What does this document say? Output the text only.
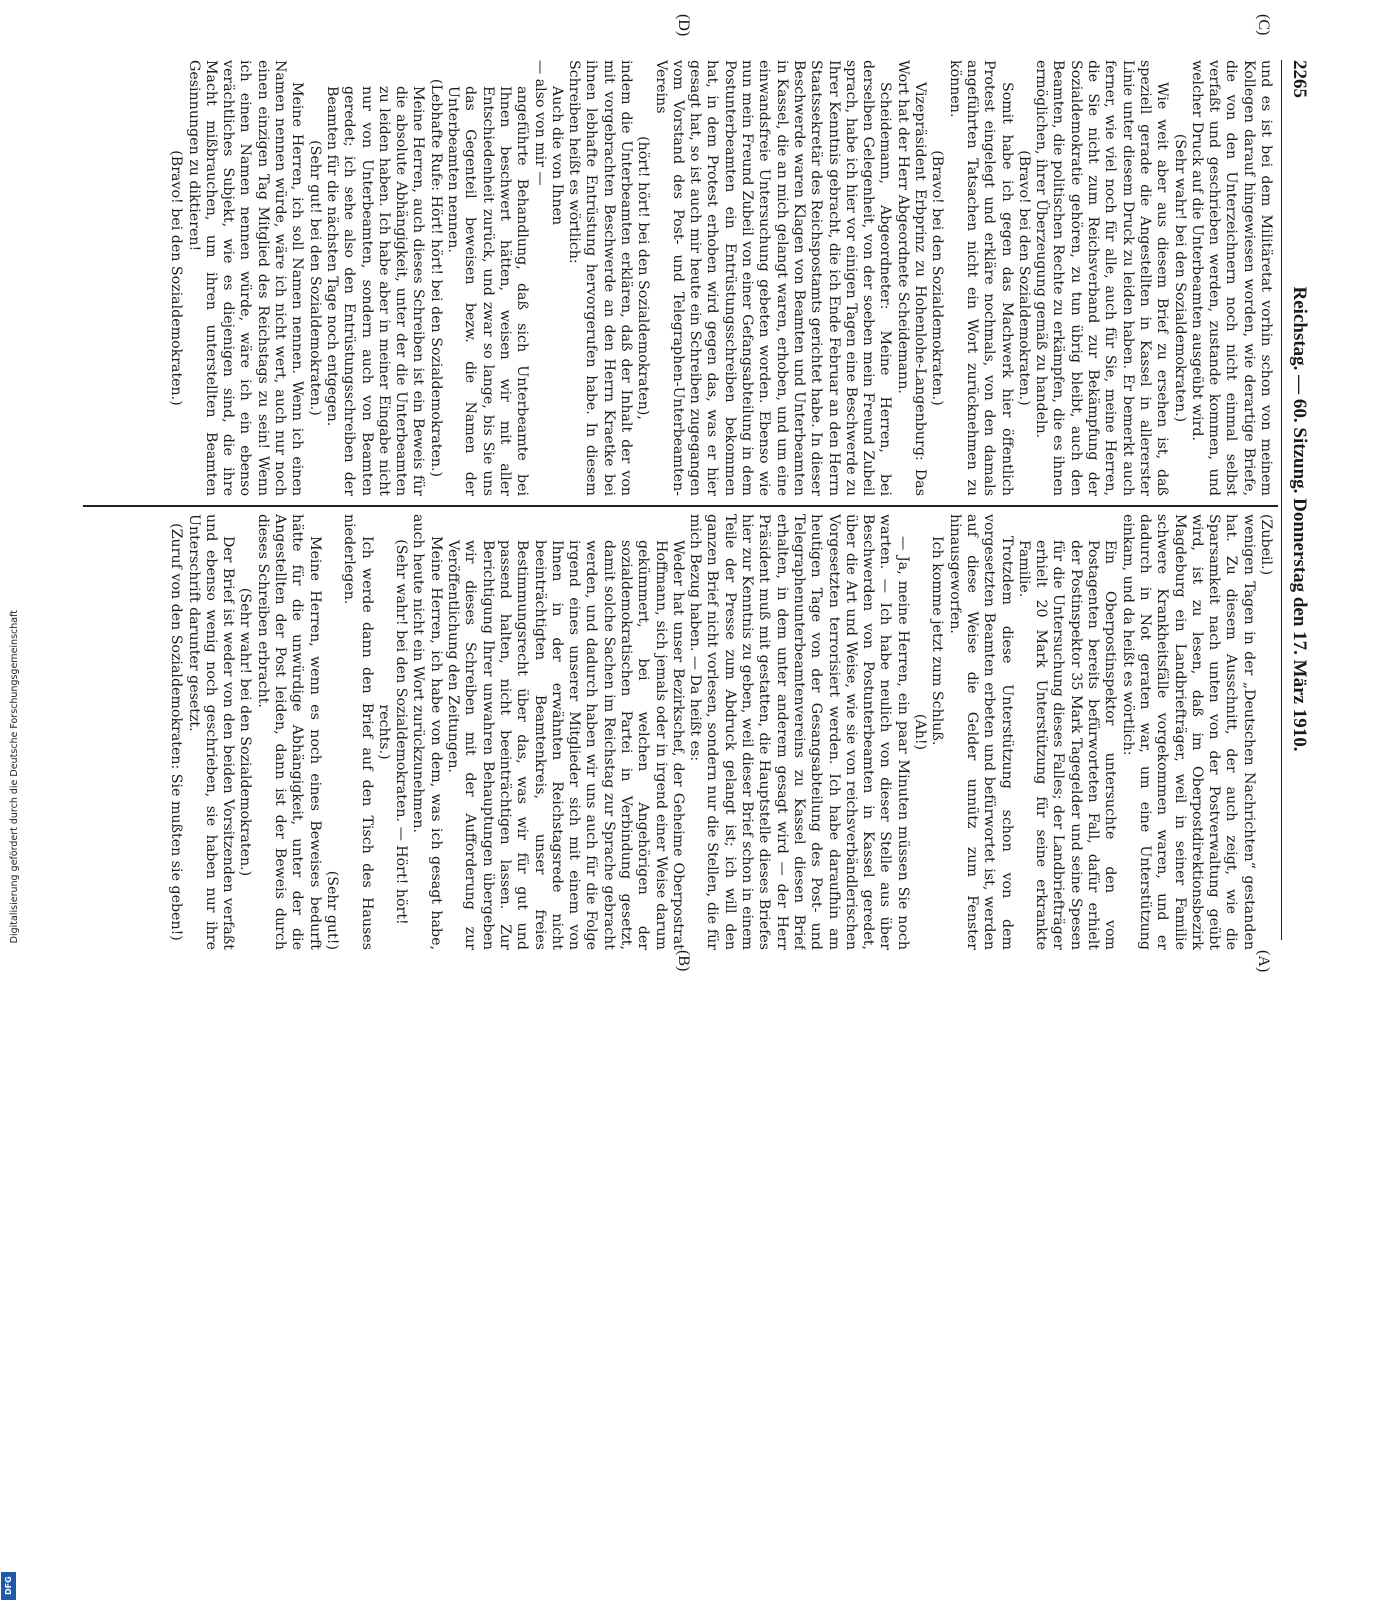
2265
Reichstag. — 60. Sitzung. Donnerstag den 17. März 1910.

und es ist bei dem Militäretat vorhin schon von meinem Kollegen darauf hingewiesen worden, wie derartige Briefe, die von den Unterzeichnern noch nicht einmal selbst verfaßt und geschrieben werden, zustande kommen, und welcher Druck auf die Unterbeamten ausgeübt wird.

(Sehr wahr! bei den Sozialdemokraten.)

Wie weit aber aus diesem Brief zu ersehen ist, daß speziell gerade die Angestellten in Kassel in allererster Linie unter diesem Druck zu leiden haben. Er bemerkt auch ferner, wie viel noch für alle, auch für Sie, meine Herren, die Sie nicht zum Reichsverband zur Bekämpfung der Sozialdemokratie gehören, zu tun übrig bleibt, auch den Beamten, die politischen Rechte zu erkämpfen, die es ihnen ermöglichen, ihrer Überzeugung gemäß zu handeln.

(Bravo! bei den Sozialdemokraten.)

Somit habe ich gegen das Machwerk hier öffentlich Protest eingelegt und erkläre nochmals, von den damals angeführten Tatsachen nicht ein Wort zurücknehmen zu können.

(Bravo! bei den Sozialdemokraten.)

Vizepräsident Erbprinz zu Hohenlohe-Langenburg: Das Wort hat der Herr Abgeordnete Scheidemann.

Scheidemann, Abgeordneter: Meine Herren, bei derselben Gelegenheit, von der soeben mein Freund Zubeil sprach, habe ich hier vor einigen Tagen eine Beschwerde zu Ihrer Kenntnis gebracht, die ich Ende Februar an den Herrn Staatssekretär des Reichspostamts gerichtet habe. In dieser Beschwerde waren Klagen von Beamten und Unterbeamten in Kassel, die an mich gelangt waren, erhoben, und um eine einwandsfreie Untersuchung gebeten worden. Ebenso wie nun mein Freund Zubeil von einer Gefangsabteilung in dem Postunterbeamten ein Entrüstungsschreiben bekommen hat, in dem Protest erhoben wird gegen das, was er hier gesagt hat, so ist auch mir heute ein Schreiben zugegangen vom Vorstand des Post- und Telegraphen-Unterbeamten-Vereins

(hört! hört! bei den Sozialdemokraten),

indem die Unterbeamten erklären, daß der Inhalt der von mit vorgebrachten Beschwerde an den Herrn Kraetke bei ihnen lebhafte Entrüstung hervorgerufen habe. In diesem Schreiben heißt es wörtlich:

Auch die von Ihnen

— also von mir —

angeführte Behandlung, daß sich Unterbeamte bei Ihnen beschwert hätten, weisen wir mit aller Entschiedenheit zurück, und zwar so lange, bis Sie uns das Gegenteil beweisen bezw. die Namen der Unterbeamten nennen.

(Lebhafte Rufe: Hört! hört! bei den Sozialdemokraten.)

Meine Herren, auch dieses Schreiben ist ein Beweis für die absolute Abhängigkeit, unter der die Unterbeamten zu leiden haben. Ich habe aber in meiner Eingabe nicht nur von Unterbeamten, sondern auch von Beamten geredet; ich sehe also den Entrüstungsschreiben der Beamten für die nächsten Tage noch entgegen.

(Sehr gut! bei den Sozialdemokraten.)

Meine Herren, ich soll Namen nennen. Wenn ich einen Namen nennen würde, wäre ich nicht wert, auch nur noch einen einzigen Tag Mitglied des Reichstags zu sein! Wenn ich einen Namen nennen würde, wäre ich ein ebenso verächtliches Subjekt, wie es diejenigen sind, die ihre Macht mißbrauchen, um ihren unterstellten Beamten Gesinnungen zu diktieren!

(Bravo! bei den Sozialdemokraten.)

(Zubeil.)

wenigen Tagen in der „Deutschen Nachrichten“ gestanden hat. Zu diesem Ausschnitt, der auch zeigt, wie die Sparsamkeit nach unten von der Postverwaltung geübt wird, ist zu lesen, daß im Oberpostdirektionsbezirk Magdeburg ein Landbriefträger, weil in seiner Familie schwere Krankheitsfälle vorgekommen waren, und er dadurch in Not geraten war, um eine Unterstützung einkam, und da heißt es wörtlich:

Ein Oberpostinspektor untersuchte den vom Postagenten bereits befürworteten Fall, dafür erhielt der Postinspektor 35 Mark Tagegelder und seine Spesen für die Untersuchung dieses Falles; der Landbriefträger erhielt 20 Mark Unterstützung für seine erkrankte Familie.

Trotzdem diese Unterstützung schon von dem vorgesetzten Beamten erbeten und befürwortet ist, werden auf diese Weise die Gelder unnütz zum Fenster hinausgeworfen.

Ich komme jetzt zum Schluß.

(Ah!)

— Ja, meine Herren, ein paar Minuten müssen Sie noch warten. — Ich habe neulich von dieser Stelle aus über Beschwerden von Postunterbeamten in Kassel geredet, über die Art und Weise, wie sie von reichsverbändlerischen Vorgesetzten terrorisiert werden. Ich habe daraufhin am heutigen Tage von der Gesangsabteilung des Post- und Telegraphenunterbeamtenvereins zu Kassel diesen Brief erhalten, in dem unter anderem gesagt wird — der Herr Präsident muß mit gestatten, die Hauptstelle dieses Briefes hier zur Kenntnis zu geben, weil dieser Brief schon in einem Teile der Presse zum Abdruck gelangt ist; ich will den ganzen Brief nicht vorlesen, sondern nur die Stellen, die für mich Bezug haben. — Da heißt es:

Weder hat unser Bezirkschef, der Geheime Oberpostrat Hoffmann, sich jemals oder in irgend einer Weise darum gekümmert, bei welchen Angehörigen der sozialdemokratischen Partei in Verbindung gesetzt, damit solche Sachen im Reichstag zur Sprache gebracht werden, und dadurch haben wir uns auch für die Folge irgend eines unserer Mitglieder sich mit einem von Ihnen in der erwähnten Reichstagsrede nicht beeinträchtigten Beamtenkreis, unser freies Bestimmungsrecht über das, was wir für gut und passend halten, nicht beeinträchtigen lassen. Zur Berichtigung Ihrer unwahren Behauptungen übergeben wir dieses Schreiben mit der Aufforderung zur Veröffentlichung den Zeitungen.

Meine Herren, ich habe von dem, was ich gesagt habe, auch heute nicht ein Wort zurückzunehmen.

(Sehr wahr! bei den Sozialdemokraten. — Hört! hört! rechts.)

Ich werde dann den Brief auf den Tisch des Hauses niederlegen.

(Sehr gut!)

Meine Herren, wenn es noch eines Beweises bedurft hätte für die unwürdige Abhängigkeit, unter der die Angestellten der Post leiden, dann ist der Beweis durch dieses Schreiben erbracht.

(Sehr wahr! bei den Sozialdemokraten.)

Der Brief ist weder von den beiden Vorsitzenden verfaßt und ebenso wenig noch geschrieben, sie haben nur ihre Unterschrift darunter gesetzt.

(Zuruf von den Sozialdemokraten: Sie mußten sie geben!)

(C)
(D)
(A)
(B)
Digitalisierung gefördert durch die Deutsche Forschungsgemeinschaft
DFG
